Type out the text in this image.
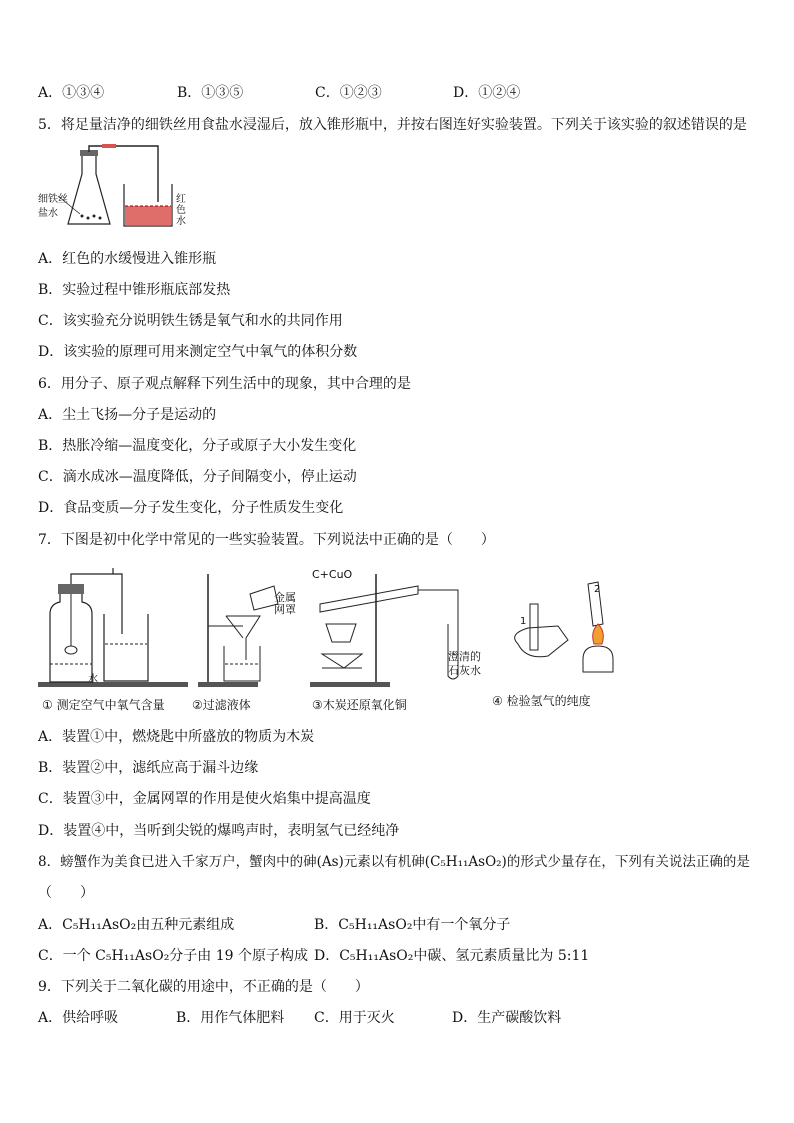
A．①③④	B．①③⑤	C．①②③	D．①②④
5．将足量洁净的细铁丝用食盐水浸湿后，放入锥形瓶中，并按右图连好实验装置。下列关于该实验的叙述错误的是
细铁丝
盐水
红色水
A．红色的水缓慢进入锥形瓶
B．实验过程中锥形瓶底部发热
C．该实验充分说明铁生锈是氧气和水的共同作用
D．该实验的原理可用来测定空气中氧气的体积分数
6．用分子、原子观点解释下列生活中的现象，其中合理的是
A．尘土飞扬—分子是运动的
B．热胀冷缩—温度变化，分子或原子大小发生变化
C．滴水成冰—温度降低，分子间隔变小，停止运动
D．食品变质—分子发生变化，分子性质发生变化
7．下图是初中化学中常见的一些实验装置。下列说法中正确的是（　　）
水
金属网罩
C+CuO
澄清的石灰水
1
2
① 测定空气中氧气含量 ②过滤液体	③木炭还原氧化铜	④ 检验氢气的纯度
A．装置①中，燃烧匙中所盛放的物质为木炭
B．装置②中，滤纸应高于漏斗边缘
C．装置③中，金属网罩的作用是使火焰集中提高温度
D．装置④中，当听到尖锐的爆鸣声时，表明氢气已经纯净
8．螃蟹作为美食已进入千家万户，蟹肉中的砷(As)元素以有机砷(C₅H₁₁AsO₂)的形式少量存在，下列有关说法正确的是
（　　）
A．C₅H₁₁AsO₂由五种元素组成	B．C₅H₁₁AsO₂中有一个氧分子
C．一个 C₅H₁₁AsO₂分子由 19 个原子构成 D．C₅H₁₁AsO₂中碳、氢元素质量比为 5:11
9．下列关于二氧化碳的用途中，不正确的是（　　）
A．供给呼吸	B．用作气体肥料 C．用于灭火	D．生产碳酸饮料
